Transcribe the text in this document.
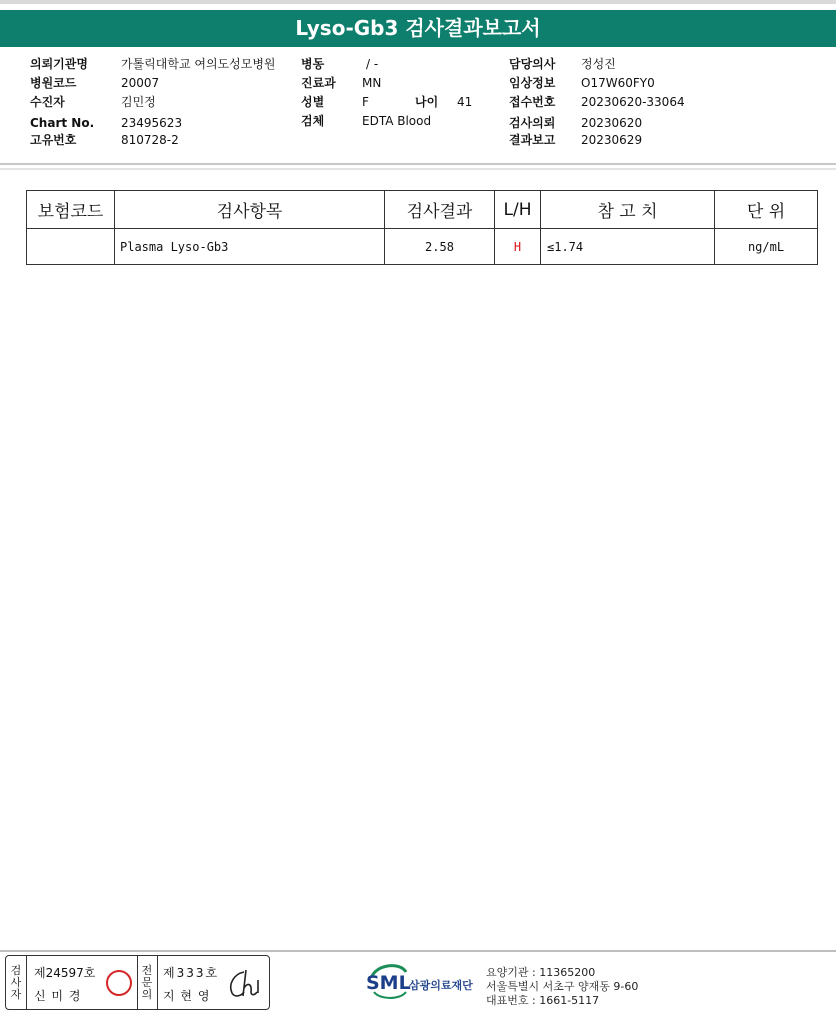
Lyso-Gb3 검사결과보고서
의뢰기관명	가톨릭대학교 여의도성모병원
병원코드	20007
수진자	김민정
Chart No. 23495623
고유번호	810728-2
병동	/ -
진료과 MN
성별	F	나이 41
검체	EDTA Blood
담당의사 정성진
임상정보 O17W60FY0
접수번호 20230620-33064
검사의뢰 20230620
결과보고 20230629
보험코드	검사항목	검사결과	L/H	참 고 치	단 위
	Plasma Lyso-Gb3	2.58	H	≤1.74	ng/mL
검사자
제24597호
신 미 경
전문의
제333호
지 현 영
SML
삼광의료재단
요양기관 : 11365200
서울특별시 서초구 양재동 9-60
대표번호 : 1661-5117
